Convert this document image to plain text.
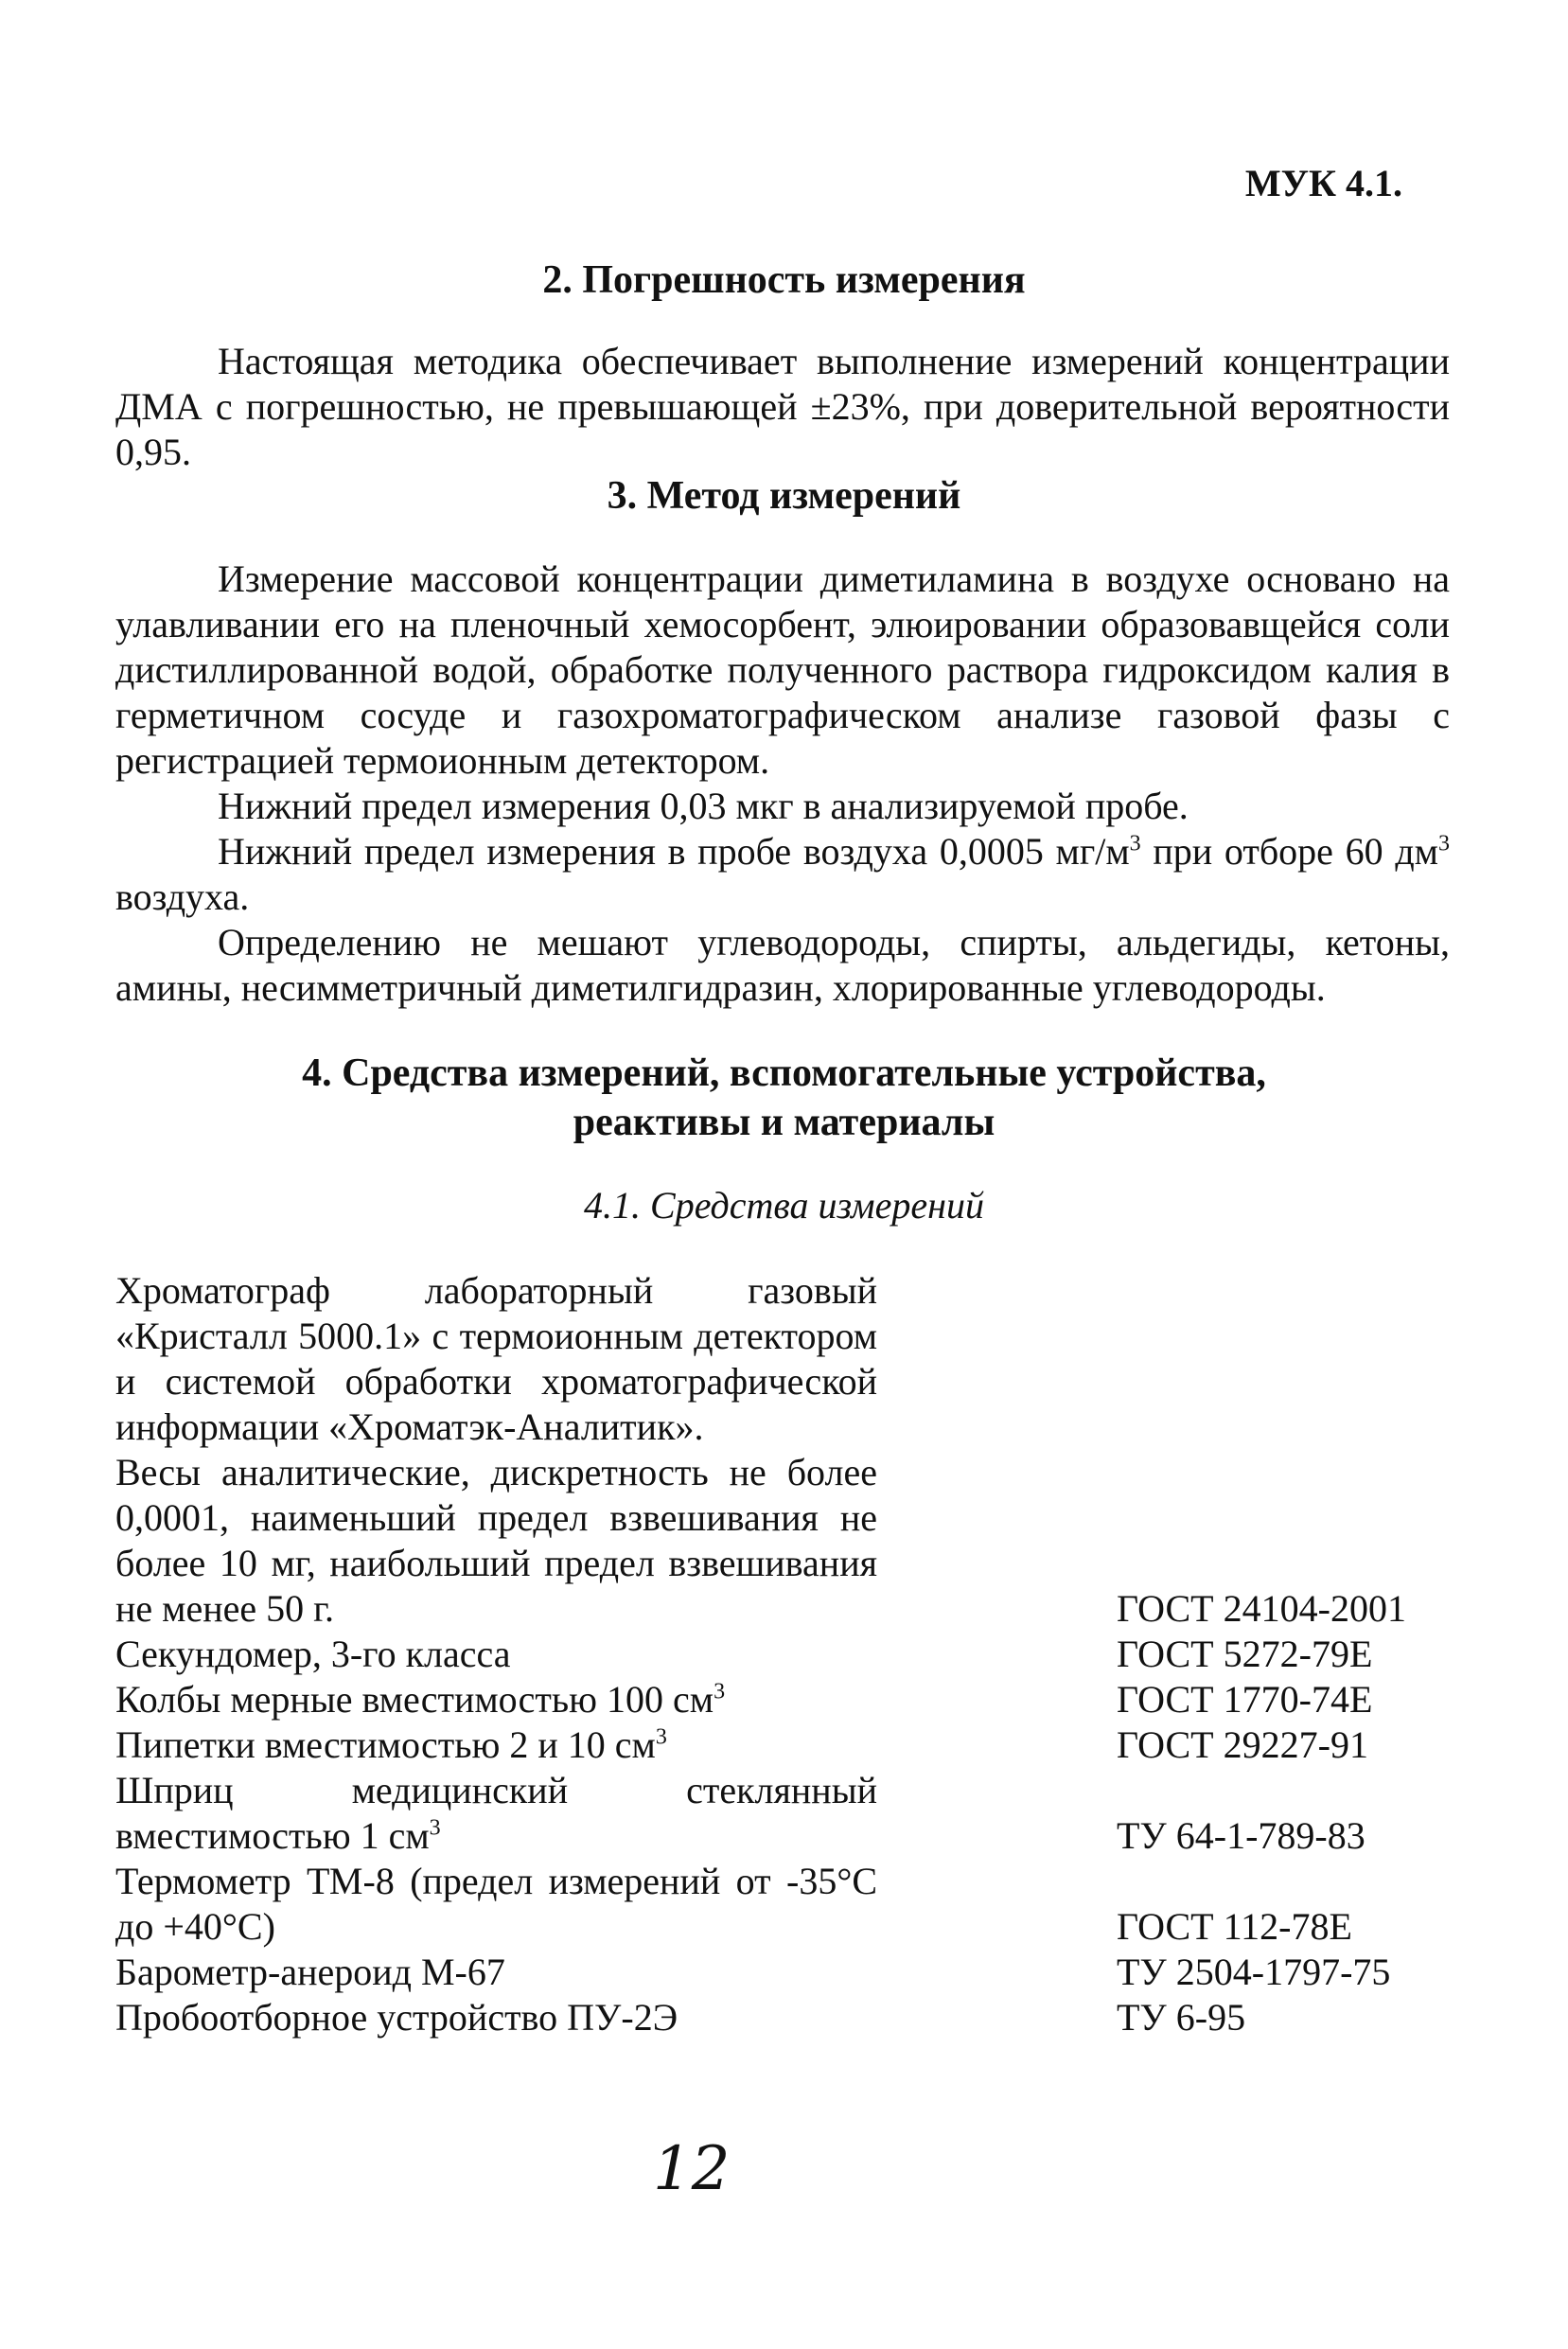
МУК 4.1.
2. Погрешность измерения
Настоящая методика обеспечивает выполнение измерений концентрации ДМА с погрешностью, не превышающей ±23%, при доверительной вероятности 0,95.
3. Метод измерений
Измерение массовой концентрации диметиламина в воздухе основано на улавливании его на пленочный хемосорбент, элюировании образовавщейся соли дистиллированной водой, обработке полученного раствора гидроксидом калия в герметичном сосуде и газохроматографическом анализе газовой фазы с регистрацией термоионным детектором.
Нижний предел измерения 0,03 мкг в анализируемой пробе.
Нижний предел измерения в пробе воздуха 0,0005 $мг/м^3$ при отборе 60 $дм^3$ воздуха.
Определению не мешают углеводороды, спирты, альдегиды, кетоны, амины, несимметричный диметилгидразин, хлорированные углеводороды.
4. Средства измерений, вспомогательные устройства,
реактивы и материалы
4.1. Средства измерений
Хроматограф лабораторный газовый «Кристалл 5000.1» с термоионным детектором и системой обработки хроматографической информации «Хроматэк-Аналитик».
Весы аналитические, дискретность не более 0,0001, наименьший предел взвешивания не более 10 мг, наибольший предел взвешивания не менее 50 г.	ГОСТ 24104-2001
Секундомер, 3-го класса	ГОСТ 5272-79Е
Колбы мерные вместимостью 100 $см^3$	ГОСТ 1770-74Е
Пипетки вместимостью 2 и 10 $см^3$	ГОСТ 29227-91
Шприц медицинский стеклянный вместимостью 1 $см^3$	ТУ 64-1-789-83
Термометр ТМ-8 (предел измерений от -35°С до +40°С)	ГОСТ 112-78Е
Барометр-анероид М-67	ТУ 2504-1797-75
Пробоотборное устройство ПУ-2Э	ТУ 6-95
12
